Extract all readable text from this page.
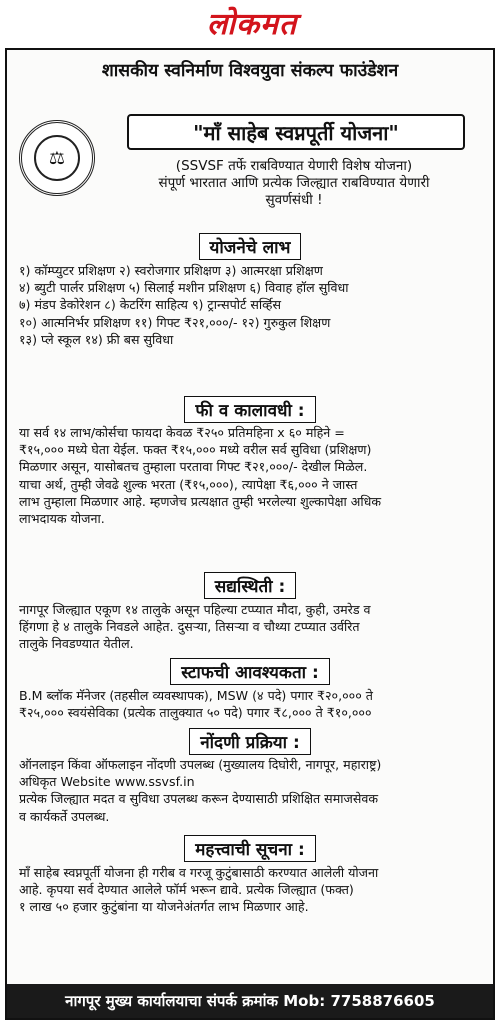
लोकमत
शासकीय स्वनिर्माण विश्वयुवा संकल्प फाउंडेशन
⚖
"माँ साहेब स्वप्नपूर्ती योजना"
(SSVSF तर्फे राबविण्यात येणारी विशेष योजना)
संपूर्ण भारतात आणि प्रत्येक जिल्ह्यात राबविण्यात येणारी
सुवर्णसंधी !
योजनेचे लाभ
१) कॉम्प्युटर प्रशिक्षण २) स्वरोजगार प्रशिक्षण ३) आत्मरक्षा प्रशिक्षण
४) ब्युटी पार्लर प्रशिक्षण ५) सिलाई मशीन प्रशिक्षण ६) विवाह हॉल सुविधा
७) मंडप डेकोरेशन ८) केटरिंग साहित्य ९) ट्रान्सपोर्ट सर्व्हिस
१०) आत्मनिर्भर प्रशिक्षण ११) गिफ्ट ₹२१,०००/- १२) गुरुकुल शिक्षण
१३) प्ले स्कूल १४) फ्री बस सुविधा
फी व कालावधी :
या सर्व १४ लाभ/कोर्सचा फायदा केवळ ₹२५० प्रतिमहिना x ६० महिने =
₹१५,००० मध्ये घेता येईल. फक्त ₹१५,००० मध्ये वरील सर्व सुविधा (प्रशिक्षण)
मिळणार असून, यासोबतच तुम्हाला परतावा गिफ्ट ₹२१,०००/- देखील मिळेल.
याचा अर्थ, तुम्ही जेवढे शुल्क भरता (₹१५,०००), त्यापेक्षा ₹६,००० ने जास्त
लाभ तुम्हाला मिळणार आहे. म्हणजेच प्रत्यक्षात तुम्ही भरलेल्या शुल्कापेक्षा अधिक
लाभदायक योजना.
सद्यस्थिती :
नागपूर जिल्ह्यात एकूण १४ तालुके असून पहिल्या टप्प्यात मौदा, कुही, उमरेड व
हिंगणा हे ४ तालुके निवडले आहेत. दुसऱ्या, तिसऱ्या व चौथ्या टप्प्यात उर्वरित
तालुके निवडण्यात येतील.
स्टाफची आवश्यकता :
B.M ब्लॉक मॅनेजर (तहसील व्यवस्थापक), MSW (४ पदे) पगार ₹२०,००० ते
₹२५,००० स्वयंसेविका (प्रत्येक तालुक्यात ५० पदे) पगार ₹८,००० ते ₹१०,०००
नोंदणी प्रक्रिया :
ऑनलाइन किंवा ऑफलाइन नोंदणी उपलब्ध (मुख्यालय दिघोरी, नागपूर, महाराष्ट्र)
अधिकृत Website www.ssvsf.in
प्रत्येक जिल्ह्यात मदत व सुविधा उपलब्ध करून देण्यासाठी प्रशिक्षित समाजसेवक
व कार्यकर्ते उपलब्ध.
महत्त्वाची सूचना :
माँ साहेब स्वप्नपूर्ती योजना ही गरीब व गरजू कुटुंबासाठी करण्यात आलेली योजना
आहे. कृपया सर्व देण्यात आलेले फॉर्म भरून द्यावे. प्रत्येक जिल्ह्यात (फक्त)
१ लाख ५० हजार कुटुंबांना या योजनेअंतर्गत लाभ मिळणार आहे.
नागपूर मुख्य कार्यालयाचा संपर्क क्रमांक Mob: 7758876605
